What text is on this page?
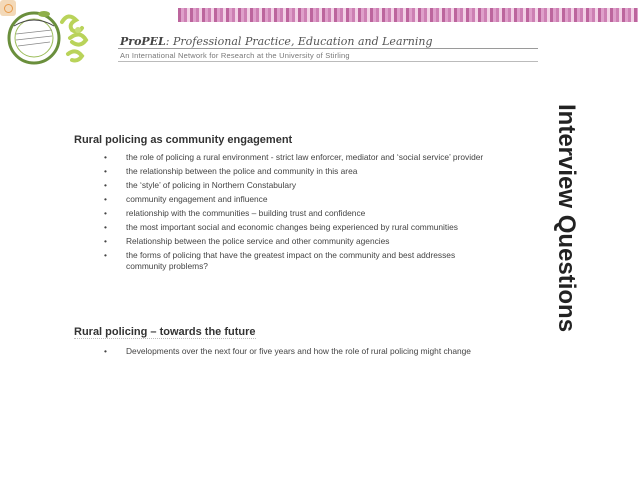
ProPEL: Professional Practice, Education and Learning
An International Network for Research at the University of Stirling
Rural policing as community engagement
• the role of policing a rural environment - strict law enforcer, mediator and ‘social service’ provider
• the relationship between the police and community in this area
• the ‘style’ of policing in Northern Constabulary
• community engagement and influence
• relationship with the communities – building trust and confidence
• the most important social and economic changes being experienced by rural communities
• Relationship between the police service and other community agencies
• the forms of policing that have the greatest impact on the community and best addresses community problems?
Rural policing – towards the future
• Developments over the next four or five years and how the role of rural policing might change
Interview Questions
